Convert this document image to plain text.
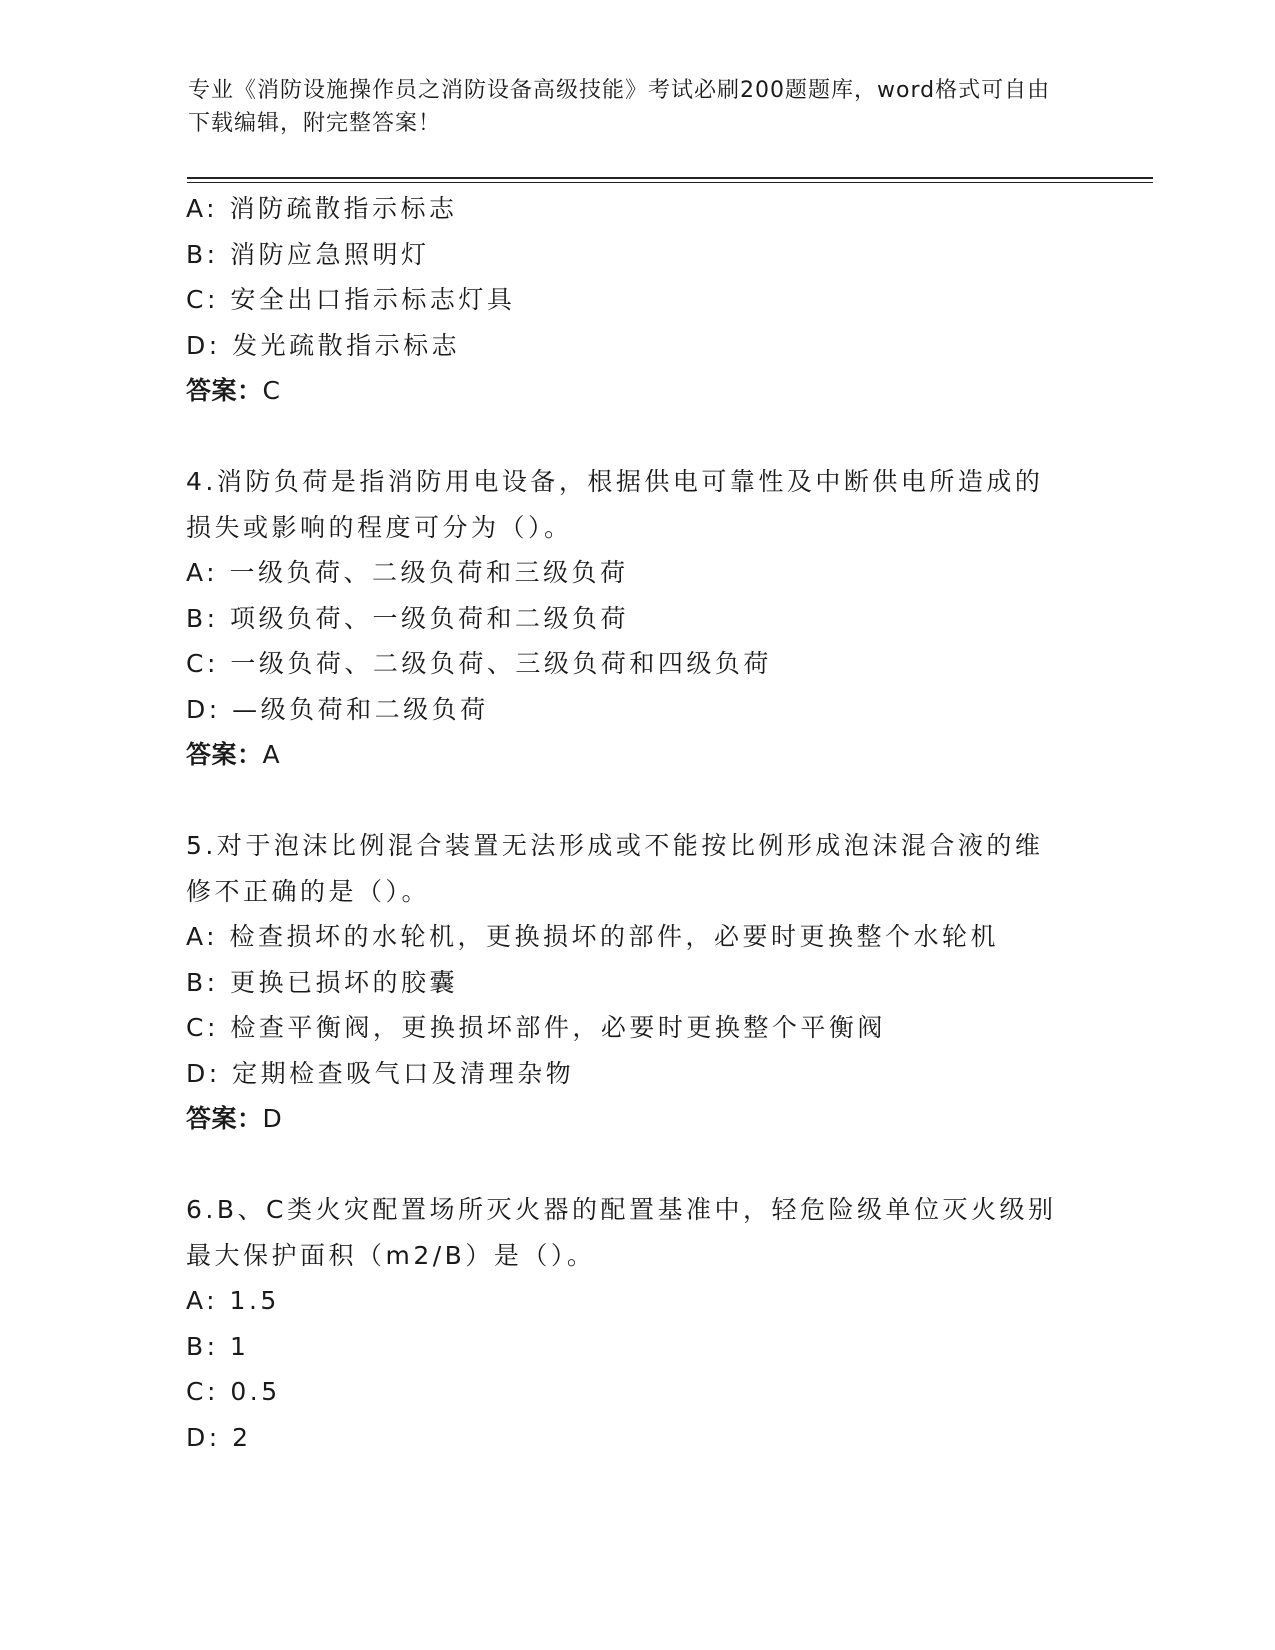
专业《消防设施操作员之消防设备高级技能》考试必刷200题题库，word格式可自由下载编辑，附完整答案！
A: 消防疏散指示标志
B: 消防应急照明灯
C: 安全出口指示标志灯具
D: 发光疏散指示标志
答案：C
4.消防负荷是指消防用电设备，根据供电可靠性及中断供电所造成的
损失或影响的程度可分为（）。
A: 一级负荷、二级负荷和三级负荷
B: 项级负荷、一级负荷和二级负荷
C: 一级负荷、二级负荷、三级负荷和四级负荷
D: —级负荷和二级负荷
答案：A
5.对于泡沫比例混合装置无法形成或不能按比例形成泡沫混合液的维
修不正确的是（）。
A: 检查损坏的水轮机，更换损坏的部件，必要时更换整个水轮机
B: 更换已损坏的胶囊
C: 检查平衡阀，更换损坏部件，必要时更换整个平衡阀
D: 定期检查吸气口及清理杂物
答案：D
6.B、C类火灾配置场所灭火器的配置基准中，轻危险级单位灭火级别
最大保护面积（m2/B）是（）。
A: 1.5
B: 1
C: 0.5
D: 2
